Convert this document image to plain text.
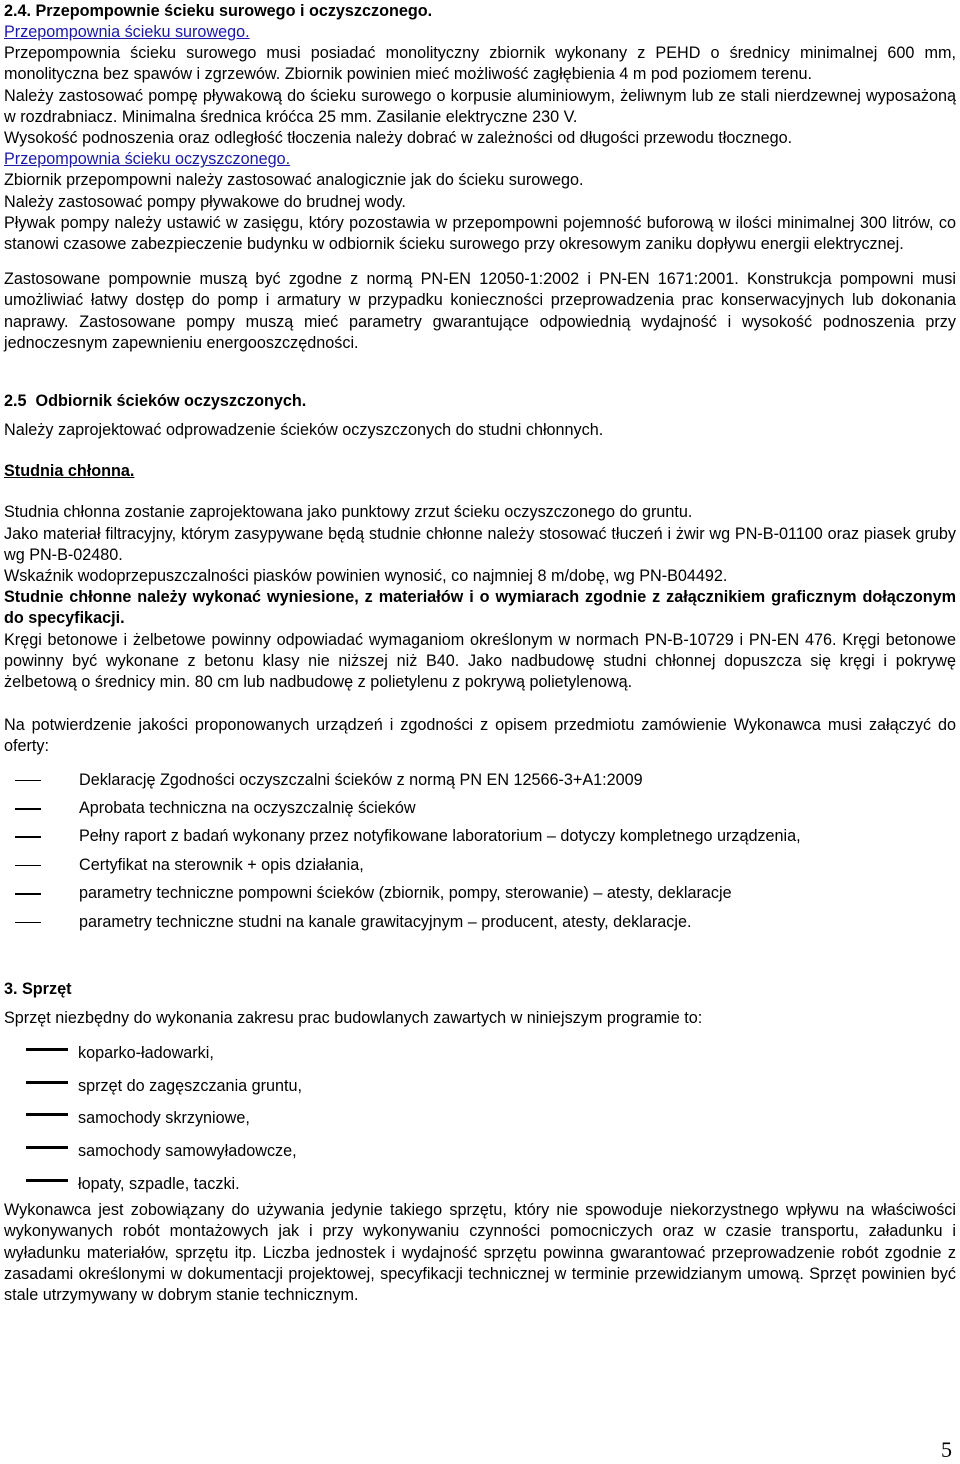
2.4. Przepompownie ścieku surowego i oczyszczonego.

Przepompownia ścieku surowego.

Przepompownia ścieku surowego musi posiadać monolityczny zbiornik wykonany z PEHD o średnicy minimalnej 600 mm, monolityczna bez spawów i zgrzewów. Zbiornik powinien mieć możliwość zagłębienia 4 m pod poziomem terenu.

Należy zastosować pompę pływakową do ścieku surowego o korpusie aluminiowym, żeliwnym lub ze stali nierdzewnej wyposażoną w rozdrabniacz. Minimalna średnica króćca 25 mm. Zasilanie elektryczne 230 V.

Wysokość podnoszenia oraz odległość tłoczenia należy dobrać w zależności od długości przewodu tłocznego.

Przepompownia ścieku oczyszczonego.

Zbiornik przepompowni należy zastosować analogicznie jak do ścieku surowego.

Należy zastosować pompy pływakowe do brudnej wody.

Pływak pompy należy ustawić w zasięgu, który pozostawia w przepompowni pojemność buforową w ilości minimalnej 300 litrów, co stanowi czasowe zabezpieczenie budynku w odbiornik ścieku surowego przy okresowym zaniku dopływu energii elektrycznej.

Zastosowane pompownie muszą być zgodne z normą PN-EN 12050-1:2002 i PN-EN 1671:2001. Konstrukcja pompowni musi umożliwiać łatwy dostęp do pomp i armatury w przypadku konieczności przeprowadzenia prac konserwacyjnych lub dokonania naprawy. Zastosowane pompy muszą mieć parametry gwarantujące odpowiednią wydajność i wysokość podnoszenia przy jednoczesnym zapewnieniu energooszczędności.

2.5 Odbiornik ścieków oczyszczonych.

Należy zaprojektować odprowadzenie ścieków oczyszczonych do studni chłonnych.

Studnia chłonna.

Studnia chłonna zostanie zaprojektowana jako punktowy zrzut ścieku oczyszczonego do gruntu.

Jako materiał filtracyjny, którym zasypywane będą studnie chłonne należy stosować tłuczeń i żwir wg PN-B-01100 oraz piasek gruby wg PN-B-02480.

Wskaźnik wodoprzepuszczalności piasków powinien wynosić, co najmniej 8 m/dobę, wg PN-B04492.

Studnie chłonne należy wykonać wyniesione, z materiałów i o wymiarach zgodnie z załącznikiem graficznym dołączonym do specyfikacji.

Kręgi betonowe i żelbetowe powinny odpowiadać wymaganiom określonym w normach PN-B-10729 i PN-EN 476. Kręgi betonowe powinny być wykonane z betonu klasy nie niższej niż B40. Jako nadbudowę studni chłonnej dopuszcza się kręgi i pokrywę żelbetową o średnicy min. 80 cm lub nadbudowę z polietylenu z pokrywą polietylenową.

Na potwierdzenie jakości proponowanych urządzeń i zgodności z opisem przedmiotu zamówienie Wykonawca musi załączyć do oferty:

Deklarację Zgodności oczyszczalni ścieków z normą PN EN 12566-3+A1:2009
Aprobata techniczna na oczyszczalnię ścieków
Pełny raport z badań wykonany przez notyfikowane laboratorium – dotyczy kompletnego urządzenia,
Certyfikat na sterownik + opis działania,
parametry techniczne pompowni ścieków (zbiornik, pompy, sterowanie) – atesty, deklaracje
parametry techniczne studni na kanale grawitacyjnym – producent, atesty, deklaracje.
3. Sprzęt

Sprzęt niezbędny do wykonania zakresu prac budowlanych zawartych w niniejszym programie to:

koparko-ładowarki,
sprzęt do zagęszczania gruntu,
samochody skrzyniowe,
samochody samowyładowcze,
łopaty, szpadle, taczki.

Wykonawca jest zobowiązany do używania jedynie takiego sprzętu, który nie spowoduje niekorzystnego wpływu na właściwości wykonywanych robót montażowych jak i przy wykonywaniu czynności pomocniczych oraz w czasie transportu, załadunku i wyładunku materiałów, sprzętu itp. Liczba jednostek i wydajność sprzętu powinna gwarantować przeprowadzenie robót zgodnie z zasadami określonymi w dokumentacji projektowej, specyfikacji technicznej w terminie przewidzianym umową. Sprzęt powinien być stale utrzymywany w dobrym stanie technicznym.

5
